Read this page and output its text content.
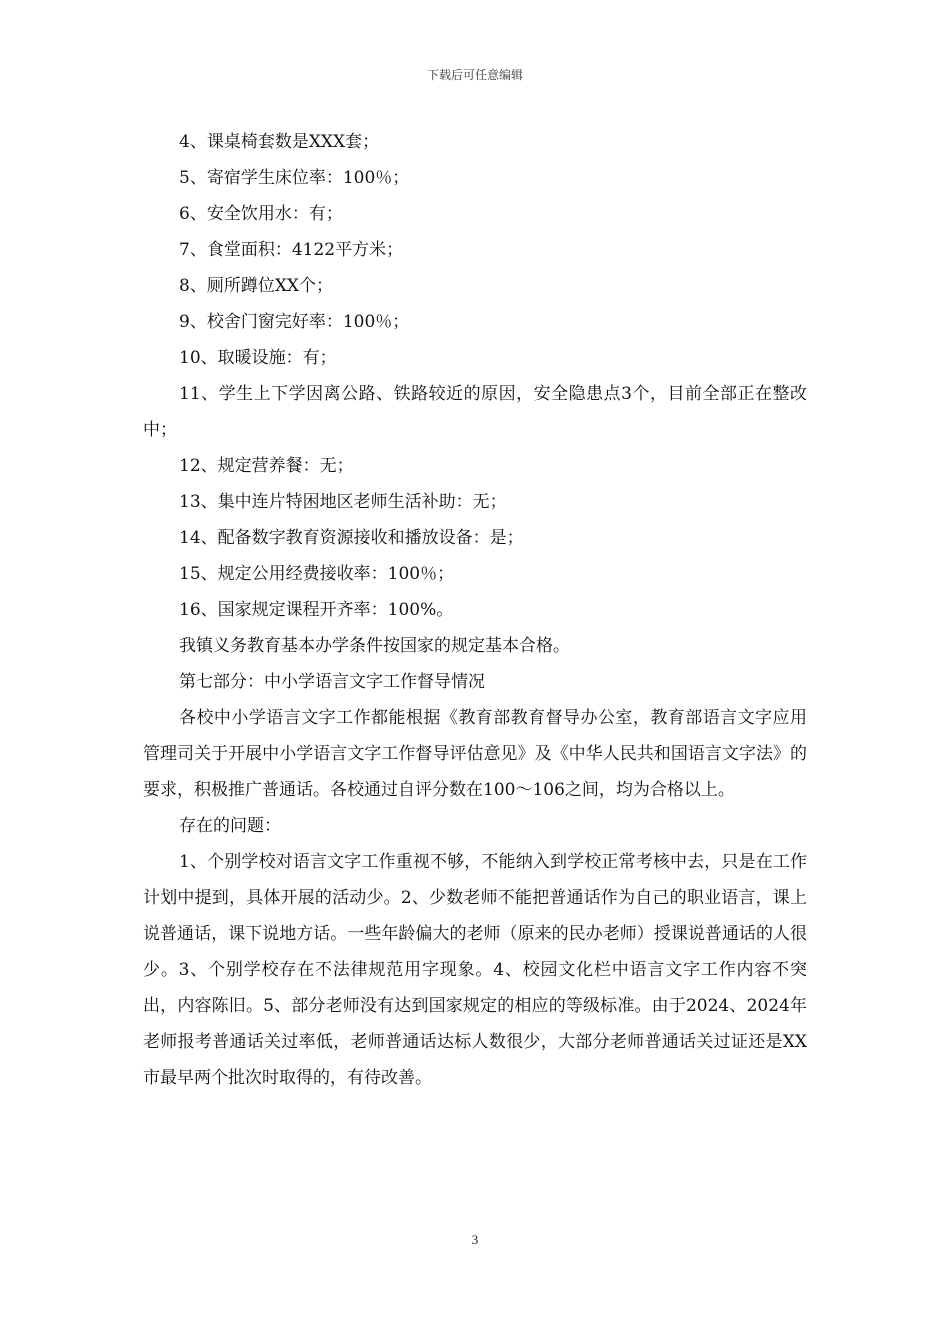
下载后可任意编辑

4、课桌椅套数是XXX套；

5、寄宿学生床位率：100％；

6、安全饮用水：有；

7、食堂面积：4122平方米；

8、厕所蹲位XX个；

9、校舍门窗完好率：100％；

10、取暖设施：有；

11、学生上下学因离公路、铁路较近的原因，安全隐患点3个，目前全部正在整改中；

12、规定营养餐：无；

13、集中连片特困地区老师生活补助：无；

14、配备数字教育资源接收和播放设备：是；

15、规定公用经费接收率：100％；

16、国家规定课程开齐率：100%。

我镇义务教育基本办学条件按国家的规定基本合格。

第七部分：中小学语言文字工作督导情况

各校中小学语言文字工作都能根据《教育部教育督导办公室，教育部语言文字应用管理司关于开展中小学语言文字工作督导评估意见》及《中华人民共和国语言文字法》的要求，积极推广普通话。各校通过自评分数在100～106之间，均为合格以上。

存在的问题：

1、个别学校对语言文字工作重视不够，不能纳入到学校正常考核中去，只是在工作计划中提到，具体开展的活动少。2、少数老师不能把普通话作为自己的职业语言，课上说普通话，课下说地方话。一些年龄偏大的老师（原来的民办老师）授课说普通话的人很少。3、个别学校存在不法律规范用字现象。4、校园文化栏中语言文字工作内容不突出，内容陈旧。5、部分老师没有达到国家规定的相应的等级标准。由于2024、2024年老师报考普通话关过率低，老师普通话达标人数很少，大部分老师普通话关过证还是XX市最早两个批次时取得的，有待改善。

3
